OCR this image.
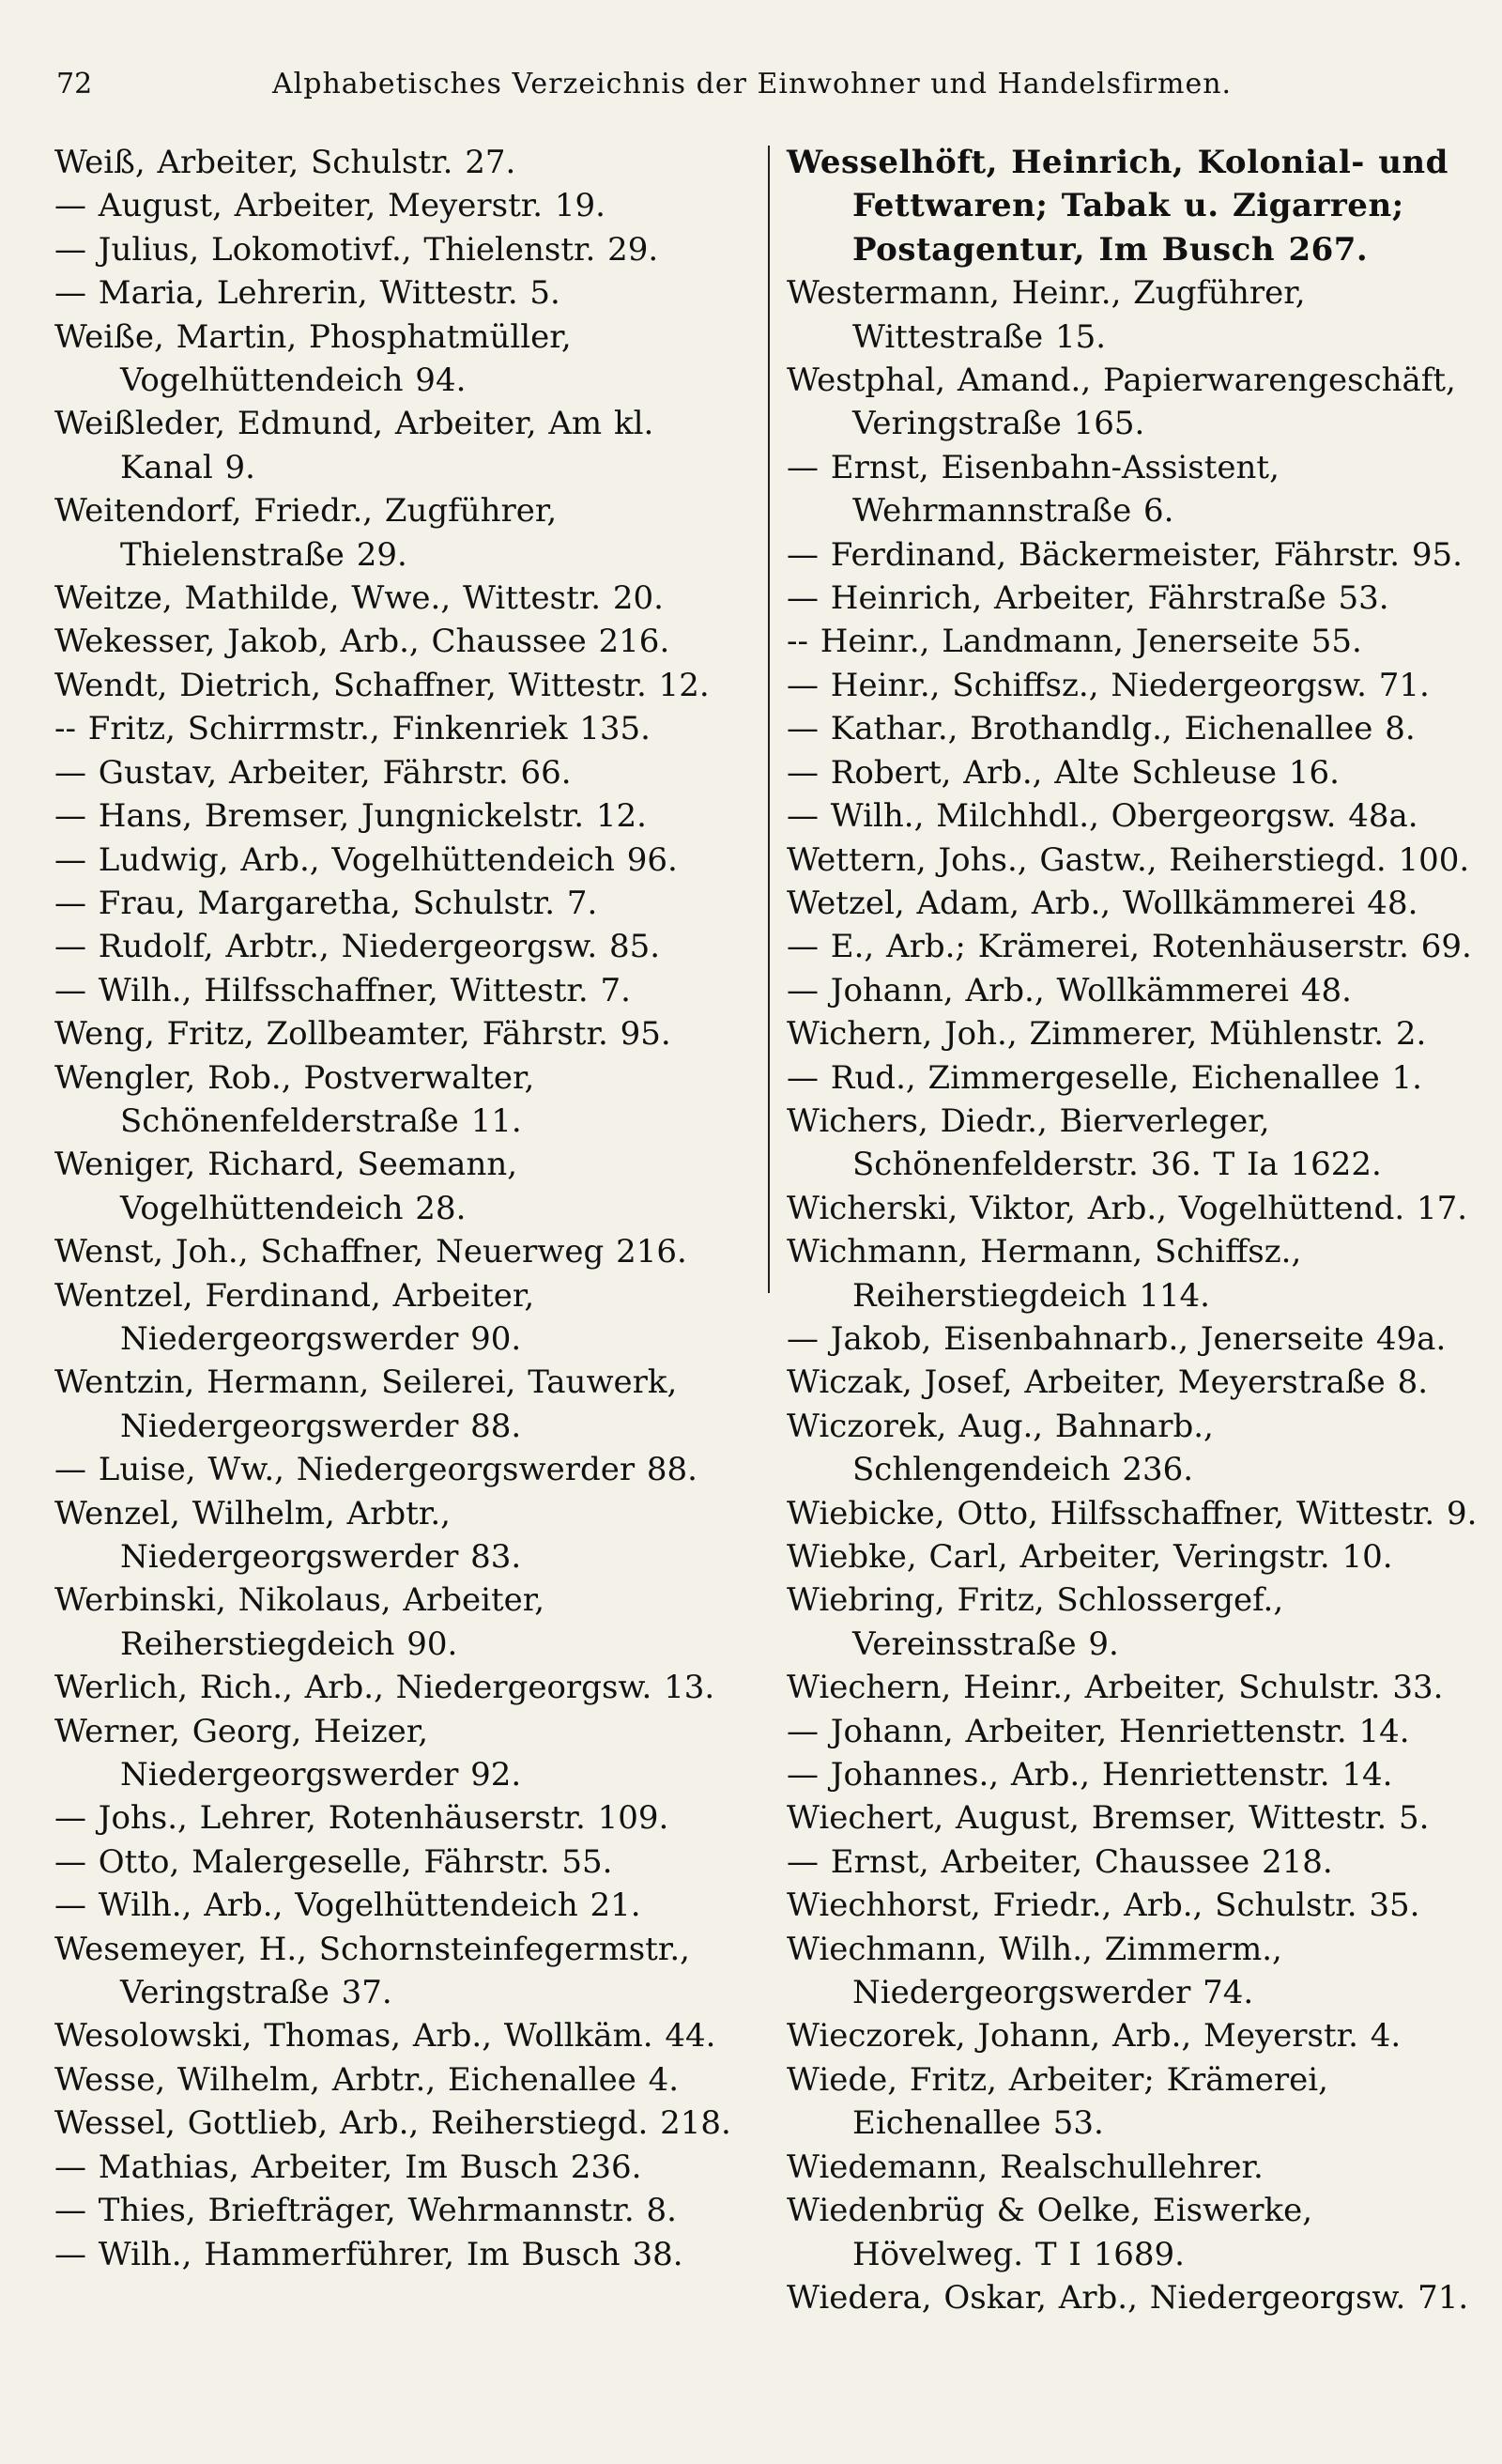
72	Alphabetisches Verzeichnis der Einwohner und Handelsfirmen.

Weiß, Arbeiter, Schulstr. 27.

— August, Arbeiter, Meyerstr. 19.

— Julius, Lokomotivf., Thielenstr. 29.

— Maria, Lehrerin, Wittestr. 5.

Weiße, Martin, Phosphatmüller, Vogelhüttendeich 94.

Weißleder, Edmund, Arbeiter, Am kl. Kanal 9.

Weitendorf, Friedr., Zugführer, Thielenstraße 29.

Weitze, Mathilde, Wwe., Wittestr. 20.

Wekesser, Jakob, Arb., Chaussee 216.

Wendt, Dietrich, Schaffner, Wittestr. 12.

-- Fritz, Schirrmstr., Finkenriek 135.

— Gustav, Arbeiter, Fährstr. 66.

— Hans, Bremser, Jungnickelstr. 12.

— Ludwig, Arb., Vogelhüttendeich 96.

— Frau, Margaretha, Schulstr. 7.

— Rudolf, Arbtr., Niedergeorgsw. 85.

— Wilh., Hilfsschaffner, Wittestr. 7.

Weng, Fritz, Zollbeamter, Fährstr. 95.

Wengler, Rob., Postverwalter, Schönenfelderstraße 11.

Weniger, Richard, Seemann, Vogelhüttendeich 28.

Wenst, Joh., Schaffner, Neuerweg 216.

Wentzel, Ferdinand, Arbeiter, Niedergeorgswerder 90.

Wentzin, Hermann, Seilerei, Tauwerk, Niedergeorgswerder 88.

— Luise, Ww., Niedergeorgswerder 88.

Wenzel, Wilhelm, Arbtr., Niedergeorgswerder 83.

Werbinski, Nikolaus, Arbeiter, Reiherstiegdeich 90.

Werlich, Rich., Arb., Niedergeorgsw. 13.

Werner, Georg, Heizer, Niedergeorgswerder 92.

— Johs., Lehrer, Rotenhäuserstr. 109.

— Otto, Malergeselle, Fährstr. 55.

— Wilh., Arb., Vogelhüttendeich 21.

Wesemeyer, H., Schornsteinfegermstr., Veringstraße 37.

Wesolowski, Thomas, Arb., Wollkäm. 44.

Wesse, Wilhelm, Arbtr., Eichenallee 4.

Wessel, Gottlieb, Arb., Reiherstiegd. 218.

— Mathias, Arbeiter, Im Busch 236.

— Thies, Briefträger, Wehrmannstr. 8.

— Wilh., Hammerführer, Im Busch 38.

Wesselhöft, Heinrich, Kolonial- und Fettwaren; Tabak u. Zigarren; Postagentur, Im Busch 267.

Westermann, Heinr., Zugführer, Wittestraße 15.

Westphal, Amand., Papierwarengeschäft, Veringstraße 165.

— Ernst, Eisenbahn-Assistent, Wehrmannstraße 6.

— Ferdinand, Bäckermeister, Fährstr. 95.

— Heinrich, Arbeiter, Fährstraße 53.

-- Heinr., Landmann, Jenerseite 55.

— Heinr., Schiffsz., Niedergeorgsw. 71.

— Kathar., Brothandlg., Eichenallee 8.

— Robert, Arb., Alte Schleuse 16.

— Wilh., Milchhdl., Obergeorgsw. 48a.

Wettern, Johs., Gastw., Reiherstiegd. 100.

Wetzel, Adam, Arb., Wollkämmerei 48.

— E., Arb.; Krämerei, Rotenhäuserstr. 69.

— Johann, Arb., Wollkämmerei 48.

Wichern, Joh., Zimmerer, Mühlenstr. 2.

— Rud., Zimmergeselle, Eichenallee 1.

Wichers, Diedr., Bierverleger, Schönenfelderstr. 36. T Ia 1622.

Wicherski, Viktor, Arb., Vogelhüttend. 17.

Wichmann, Hermann, Schiffsz., Reiherstiegdeich 114.

— Jakob, Eisenbahnarb., Jenerseite 49a.

Wiczak, Josef, Arbeiter, Meyerstraße 8.

Wiczorek, Aug., Bahnarb., Schlengendeich 236.

Wiebicke, Otto, Hilfsschaffner, Wittestr. 9.

Wiebke, Carl, Arbeiter, Veringstr. 10.

Wiebring, Fritz, Schlossergef., Vereinsstraße 9.

Wiechern, Heinr., Arbeiter, Schulstr. 33.

— Johann, Arbeiter, Henriettenstr. 14.

— Johannes., Arb., Henriettenstr. 14.

Wiechert, August, Bremser, Wittestr. 5.

— Ernst, Arbeiter, Chaussee 218.

Wiechhorst, Friedr., Arb., Schulstr. 35.

Wiechmann, Wilh., Zimmerm., Niedergeorgswerder 74.

Wieczorek, Johann, Arb., Meyerstr. 4.

Wiede, Fritz, Arbeiter; Krämerei, Eichenallee 53.

Wiedemann, Realschullehrer.

Wiedenbrüg & Oelke, Eiswerke, Hövelweg. T I 1689.

Wiedera, Oskar, Arb., Niedergeorgsw. 71.
